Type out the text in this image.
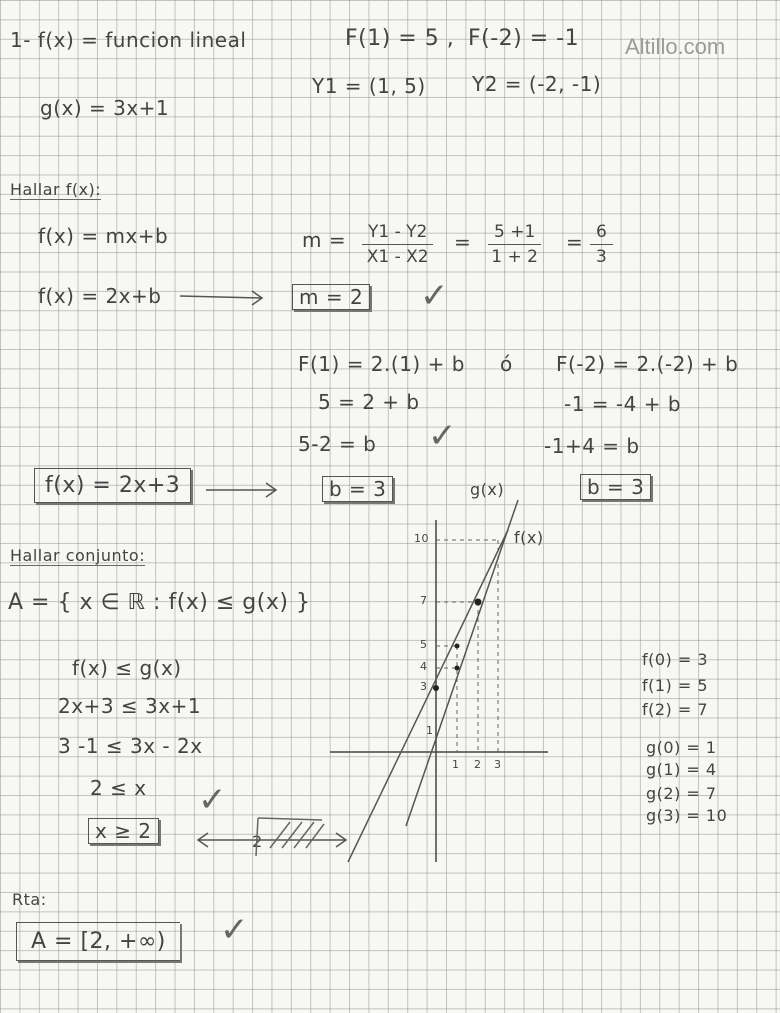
Altillo.com
1- f(x) = funcion lineal	F(1) = 5 , F(-2) = -1
Y1 = (1, 5) Y2 = (-2, -1)
g(x) = 3x+1
Hallar f(x):
f(x) = mx+b	$m = \frac{Y1 - Y2}{X1 - X2} = \frac{5 +1}{1 + 2} = \frac{6}{3}$
f(x) = 2x+b	m = 2 ✓
F(1) = 2.(1) + b ó F(-2) = 2.(-2) + b
5 = 2 + b	-1 = -4 + b
5-2 = b ✓	-1+4 = b
f(x) = 2x+3	b = 3	b = 3
Hallar conjunto:
A = { x ∈ ℝ : f(x) ≤ g(x) }
f(x) ≤ g(x)
2x+3 ≤ 3x+1
3 -1 ≤ 3x - 2x
2 ≤ x ✓
x ≥ 2	2
f(0) = 3
f(1) = 5
f(2) = 7
g(0) = 1
g(1) = 4
g(2) = 7
g(3) = 10
Rta:
A = [2, +∞)	✓
g(x)
f(x)
10
7
5
4
3
1
1 2 3
